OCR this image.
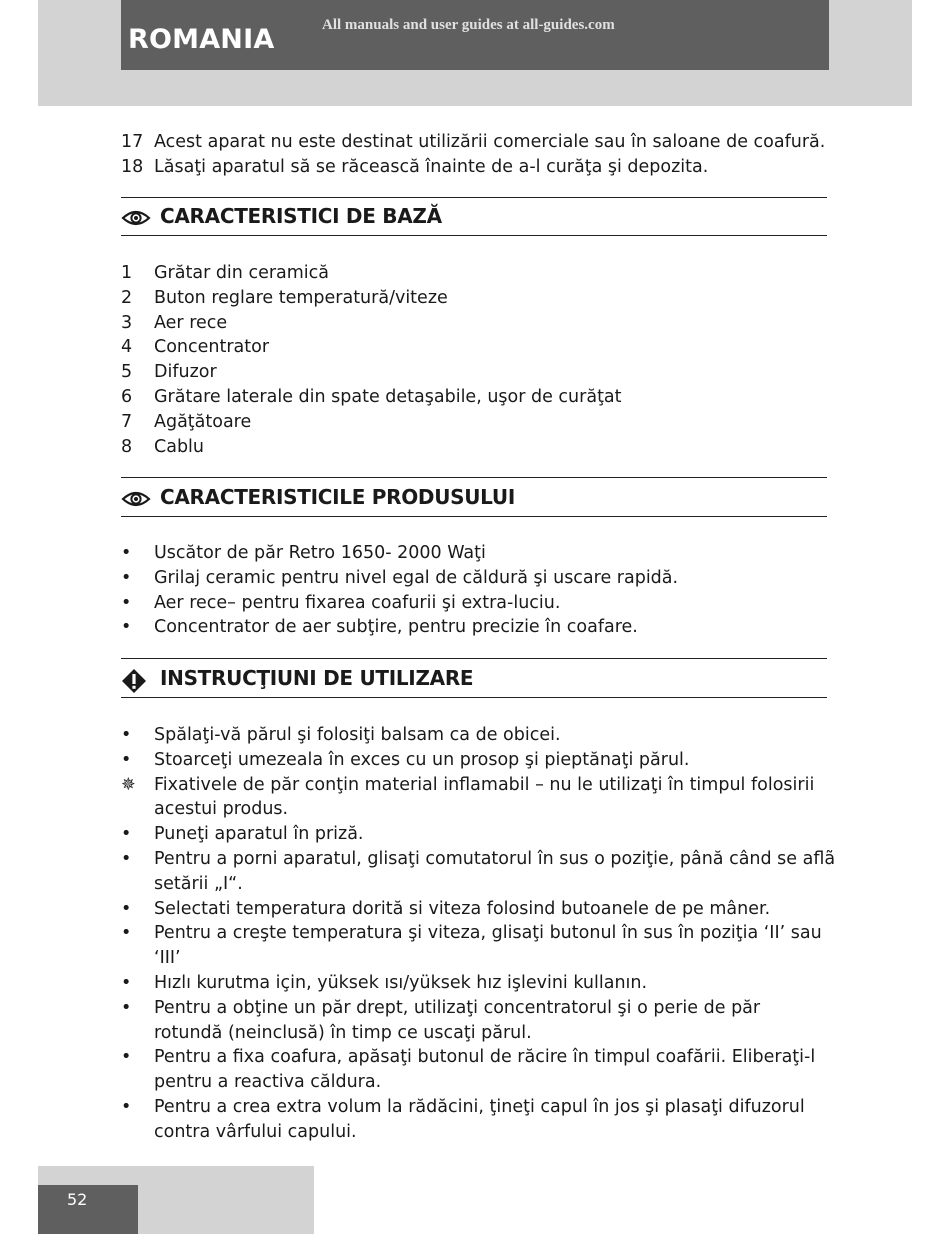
ROMANIA	All manuals and user guides at all-guides.com
17 Acest aparat nu este destinat utilizării comerciale sau în saloane de coafură.
18 Lăsaţi aparatul să se răcească înainte de a-l curăţa şi depozita.
CARACTERISTICI DE BAZĂ
1	Grătar din ceramică
2	Buton reglare temperatură/viteze
3	Aer rece
4	Concentrator
5	Difuzor
6	Grătare laterale din spate detaşabile, uşor de curăţat
7	Agăţătoare
8	Cablu
CARACTERISTICILE PRODUSULUI
•	Uscător de păr Retro 1650- 2000 Waţi
•	Grilaj ceramic pentru nivel egal de căldură şi uscare rapidă.
•	Aer rece– pentru fixarea coafurii şi extra-luciu.
•	Concentrator de aer subţire, pentru precizie în coafare.
INSTRUCŢIUNI DE UTILIZARE
•	Spălaţi-vă părul şi folosiţi balsam ca de obicei.
•	Stoarceţi umezeala în exces cu un prosop şi pieptănaţi părul.
✵	Fixativele de păr conţin material inflamabil – nu le utilizaţi în timpul folosirii
acestui produs.
•	Puneţi aparatul în priză.
•	Pentru a porni aparatul, glisaţi comutatorul în sus o poziţie, până când se aflã
setării „I“.
•	Selectati temperatura dorită si viteza folosind butoanele de pe mâner.
•	Pentru a creşte temperatura şi viteza, glisaţi butonul în sus în poziţia ‘II’ sau
‘III’
•	Hızlı kurutma için, yüksek ısı/yüksek hız işlevini kullanın.
•	Pentru a obţine un păr drept, utilizaţi concentratorul şi o perie de păr
rotundă (neinclusă) în timp ce uscaţi părul.
•	Pentru a fixa coafura, apăsaţi butonul de răcire în timpul coafării. Eliberaţi-l
pentru a reactiva căldura.
•	Pentru a crea extra volum la rădăcini, ţineţi capul în jos şi plasaţi difuzorul
contra vârfului capului.
52
